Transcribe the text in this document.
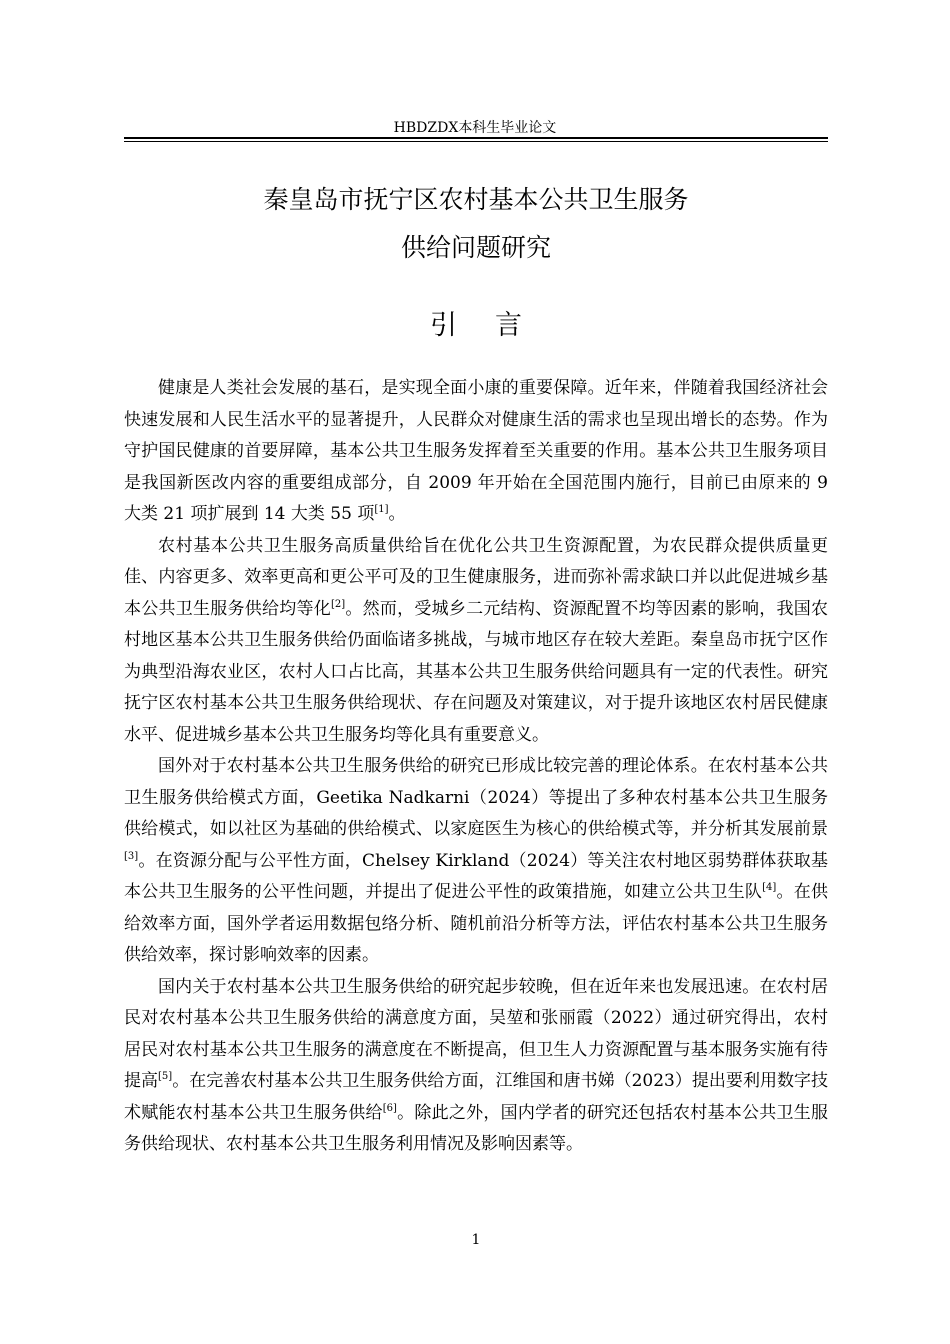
HBDZDX本科生毕业论文
秦皇岛市抚宁区农村基本公共卫生服务
供给问题研究
引言

健康是人类社会发展的基石，是实现全面小康的重要保障。近年来，伴随着我国经济社会快速发展和人民生活水平的显著提升，人民群众对健康生活的需求也呈现出增长的态势。作为守护国民健康的首要屏障，基本公共卫生服务发挥着至关重要的作用。基本公共卫生服务项目是我国新医改内容的重要组成部分，自 2009 年开始在全国范围内施行，目前已由原来的 9 大类 21 项扩展到 14 大类 55 项[1]。

农村基本公共卫生服务高质量供给旨在优化公共卫生资源配置，为农民群众提供质量更佳、内容更多、效率更高和更公平可及的卫生健康服务，进而弥补需求缺口并以此促进城乡基本公共卫生服务供给均等化[2]。然而，受城乡二元结构、资源配置不均等因素的影响，我国农村地区基本公共卫生服务供给仍面临诸多挑战，与城市地区存在较大差距。秦皇岛市抚宁区作为典型沿海农业区，农村人口占比高，其基本公共卫生服务供给问题具有一定的代表性。研究抚宁区农村基本公共卫生服务供给现状、存在问题及对策建议，对于提升该地区农村居民健康水平、促进城乡基本公共卫生服务均等化具有重要意义。

国外对于农村基本公共卫生服务供给的研究已形成比较完善的理论体系。在农村基本公共卫生服务供给模式方面，Geetika Nadkarni（2024）等提出了多种农村基本公共卫生服务供给模式，如以社区为基础的供给模式、以家庭医生为核心的供给模式等，并分析其发展前景[3]。在资源分配与公平性方面，Chelsey Kirkland（2024）等关注农村地区弱势群体获取基本公共卫生服务的公平性问题，并提出了促进公平性的政策措施，如建立公共卫生队[4]。在供给效率方面，国外学者运用数据包络分析、随机前沿分析等方法，评估农村基本公共卫生服务供给效率，探讨影响效率的因素。

国内关于农村基本公共卫生服务供给的研究起步较晚，但在近年来也发展迅速。在农村居民对农村基本公共卫生服务供给的满意度方面，吴堃和张丽霞（2022）通过研究得出，农村居民对农村基本公共卫生服务的满意度在不断提高，但卫生人力资源配置与基本服务实施有待提高[5]。在完善农村基本公共卫生服务供给方面，江维国和唐书娣（2023）提出要利用数字技术赋能农村基本公共卫生服务供给[6]。除此之外，国内学者的研究还包括农村基本公共卫生服务供给现状、农村基本公共卫生服务利用情况及影响因素等。

1
